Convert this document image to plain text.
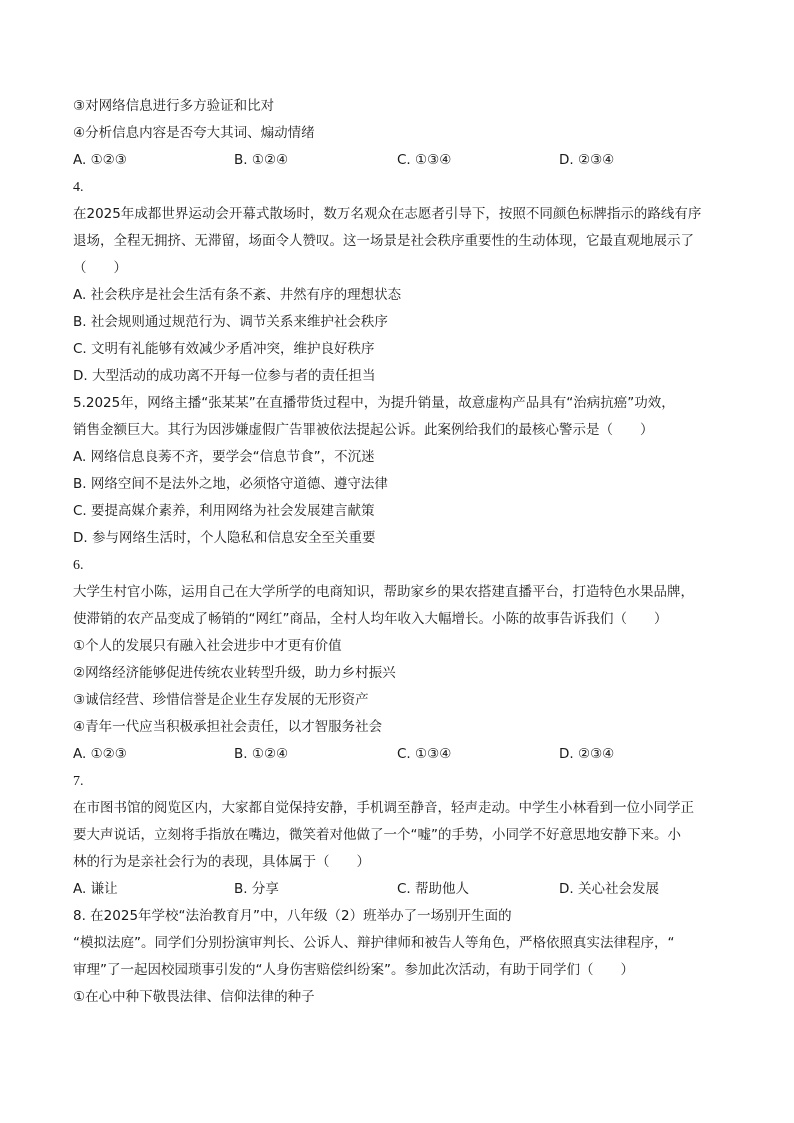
③对网络信息进行多方验证和比对
④分析信息内容是否夸大其词、煽动情绪
A. ①②③	B. ①②④	C. ①③④	D. ②③④
4.
在2025年成都世界运动会开幕式散场时，数万名观众在志愿者引导下，按照不同颜色标牌指示的路线有序
退场，全程无拥挤、无滞留，场面令人赞叹。这一场景是社会秩序重要性的生动体现，它最直观地展示了
（　　）
A. 社会秩序是社会生活有条不紊、井然有序的理想状态
B. 社会规则通过规范行为、调节关系来维护社会秩序
C. 文明有礼能够有效减少矛盾冲突，维护良好秩序
D. 大型活动的成功离不开每一位参与者的责任担当
5.2025年，网络主播“张某某”在直播带货过程中，为提升销量，故意虚构产品具有“治病抗癌”功效，
销售金额巨大。其行为因涉嫌虚假广告罪被依法提起公诉。此案例给我们的最核心警示是（　　）
A. 网络信息良莠不齐，要学会“信息节食”，不沉迷
B. 网络空间不是法外之地，必须恪守道德、遵守法律
C. 要提高媒介素养，利用网络为社会发展建言献策
D. 参与网络生活时，个人隐私和信息安全至关重要
6.
大学生村官小陈，运用自己在大学所学的电商知识，帮助家乡的果农搭建直播平台，打造特色水果品牌，
使滞销的农产品变成了畅销的“网红”商品，全村人均年收入大幅增长。小陈的故事告诉我们（　　）
①个人的发展只有融入社会进步中才更有价值
②网络经济能够促进传统农业转型升级，助力乡村振兴
③诚信经营、珍惜信誉是企业生存发展的无形资产
④青年一代应当积极承担社会责任，以才智服务社会
A. ①②③	B. ①②④	C. ①③④	D. ②③④
7.
在市图书馆的阅览区内，大家都自觉保持安静，手机调至静音，轻声走动。中学生小林看到一位小同学正
要大声说话，立刻将手指放在嘴边，微笑着对他做了一个“嘘”的手势，小同学不好意思地安静下来。小
林的行为是亲社会行为的表现，具体属于（　　）
A. 谦让	B. 分享	C. 帮助他人	D. 关心社会发展
8. 在2025年学校“法治教育月”中，八年级（2）班举办了一场别开生面的
“模拟法庭”。同学们分别扮演审判长、公诉人、辩护律师和被告人等角色，严格依照真实法律程序，“
审理”了一起因校园琐事引发的“人身伤害赔偿纠纷案”。参加此次活动，有助于同学们（　　）
①在心中种下敬畏法律、信仰法律的种子
